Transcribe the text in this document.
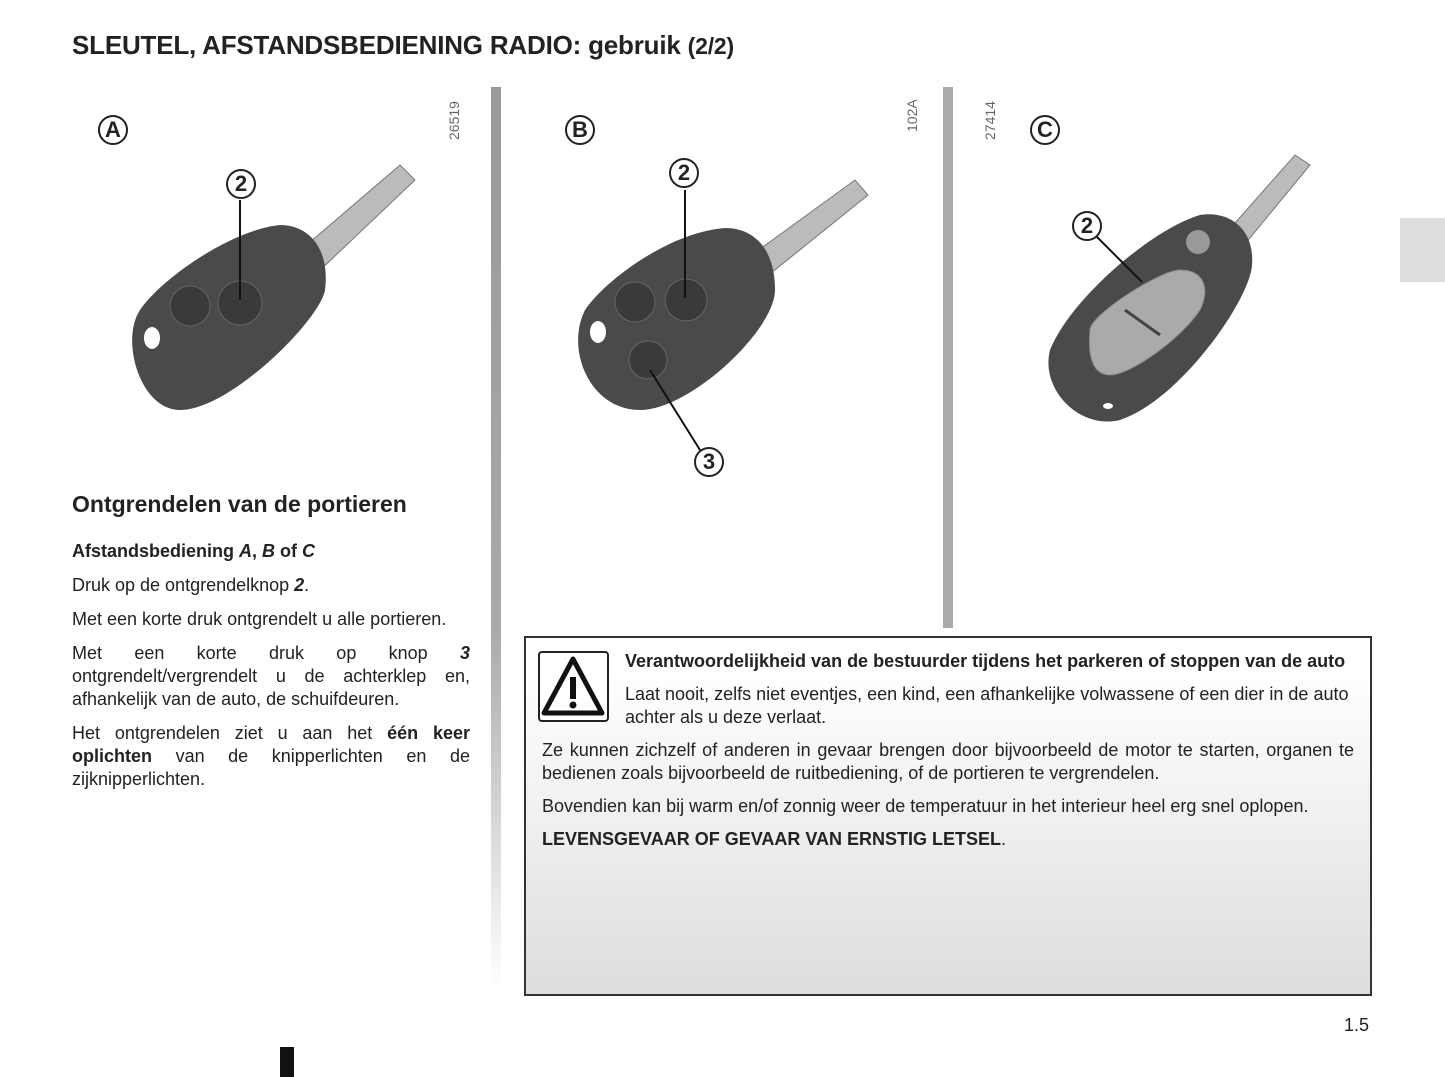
SLEUTEL, AFSTANDSBEDIENING RADIO: gebruik (2/2)
A	26519
2
B	102A
2
3
27414	C
2
Ontgrendelen van de portieren

Afstandsbediening A, B of C

Druk op de ontgrendelknop 2.

Met een korte druk ontgrendelt u alle portieren.

Met een korte druk op knop 3 ontgrendelt/vergrendelt u de achterklep en, afhankelijk van de auto, de schuifdeuren.

Het ontgrendelen ziet u aan het één keer oplichten van de knipperlichten en de zijknipperlichten.

Verantwoordelijkheid van de bestuurder tijdens het parkeren of stoppen van de auto
Laat nooit, zelfs niet eventjes, een kind, een afhankelijke volwassene of een dier in de auto achter als u deze verlaat.

Ze kunnen zichzelf of anderen in gevaar brengen door bijvoorbeeld de motor te starten, organen te bedienen zoals bijvoorbeeld de ruitbediening, of de portieren te vergrendelen.

Bovendien kan bij warm en/of zonnig weer de temperatuur in het interieur heel erg snel oplopen.

LEVENSGEVAAR OF GEVAAR VAN ERNSTIG LETSEL.

1.5
